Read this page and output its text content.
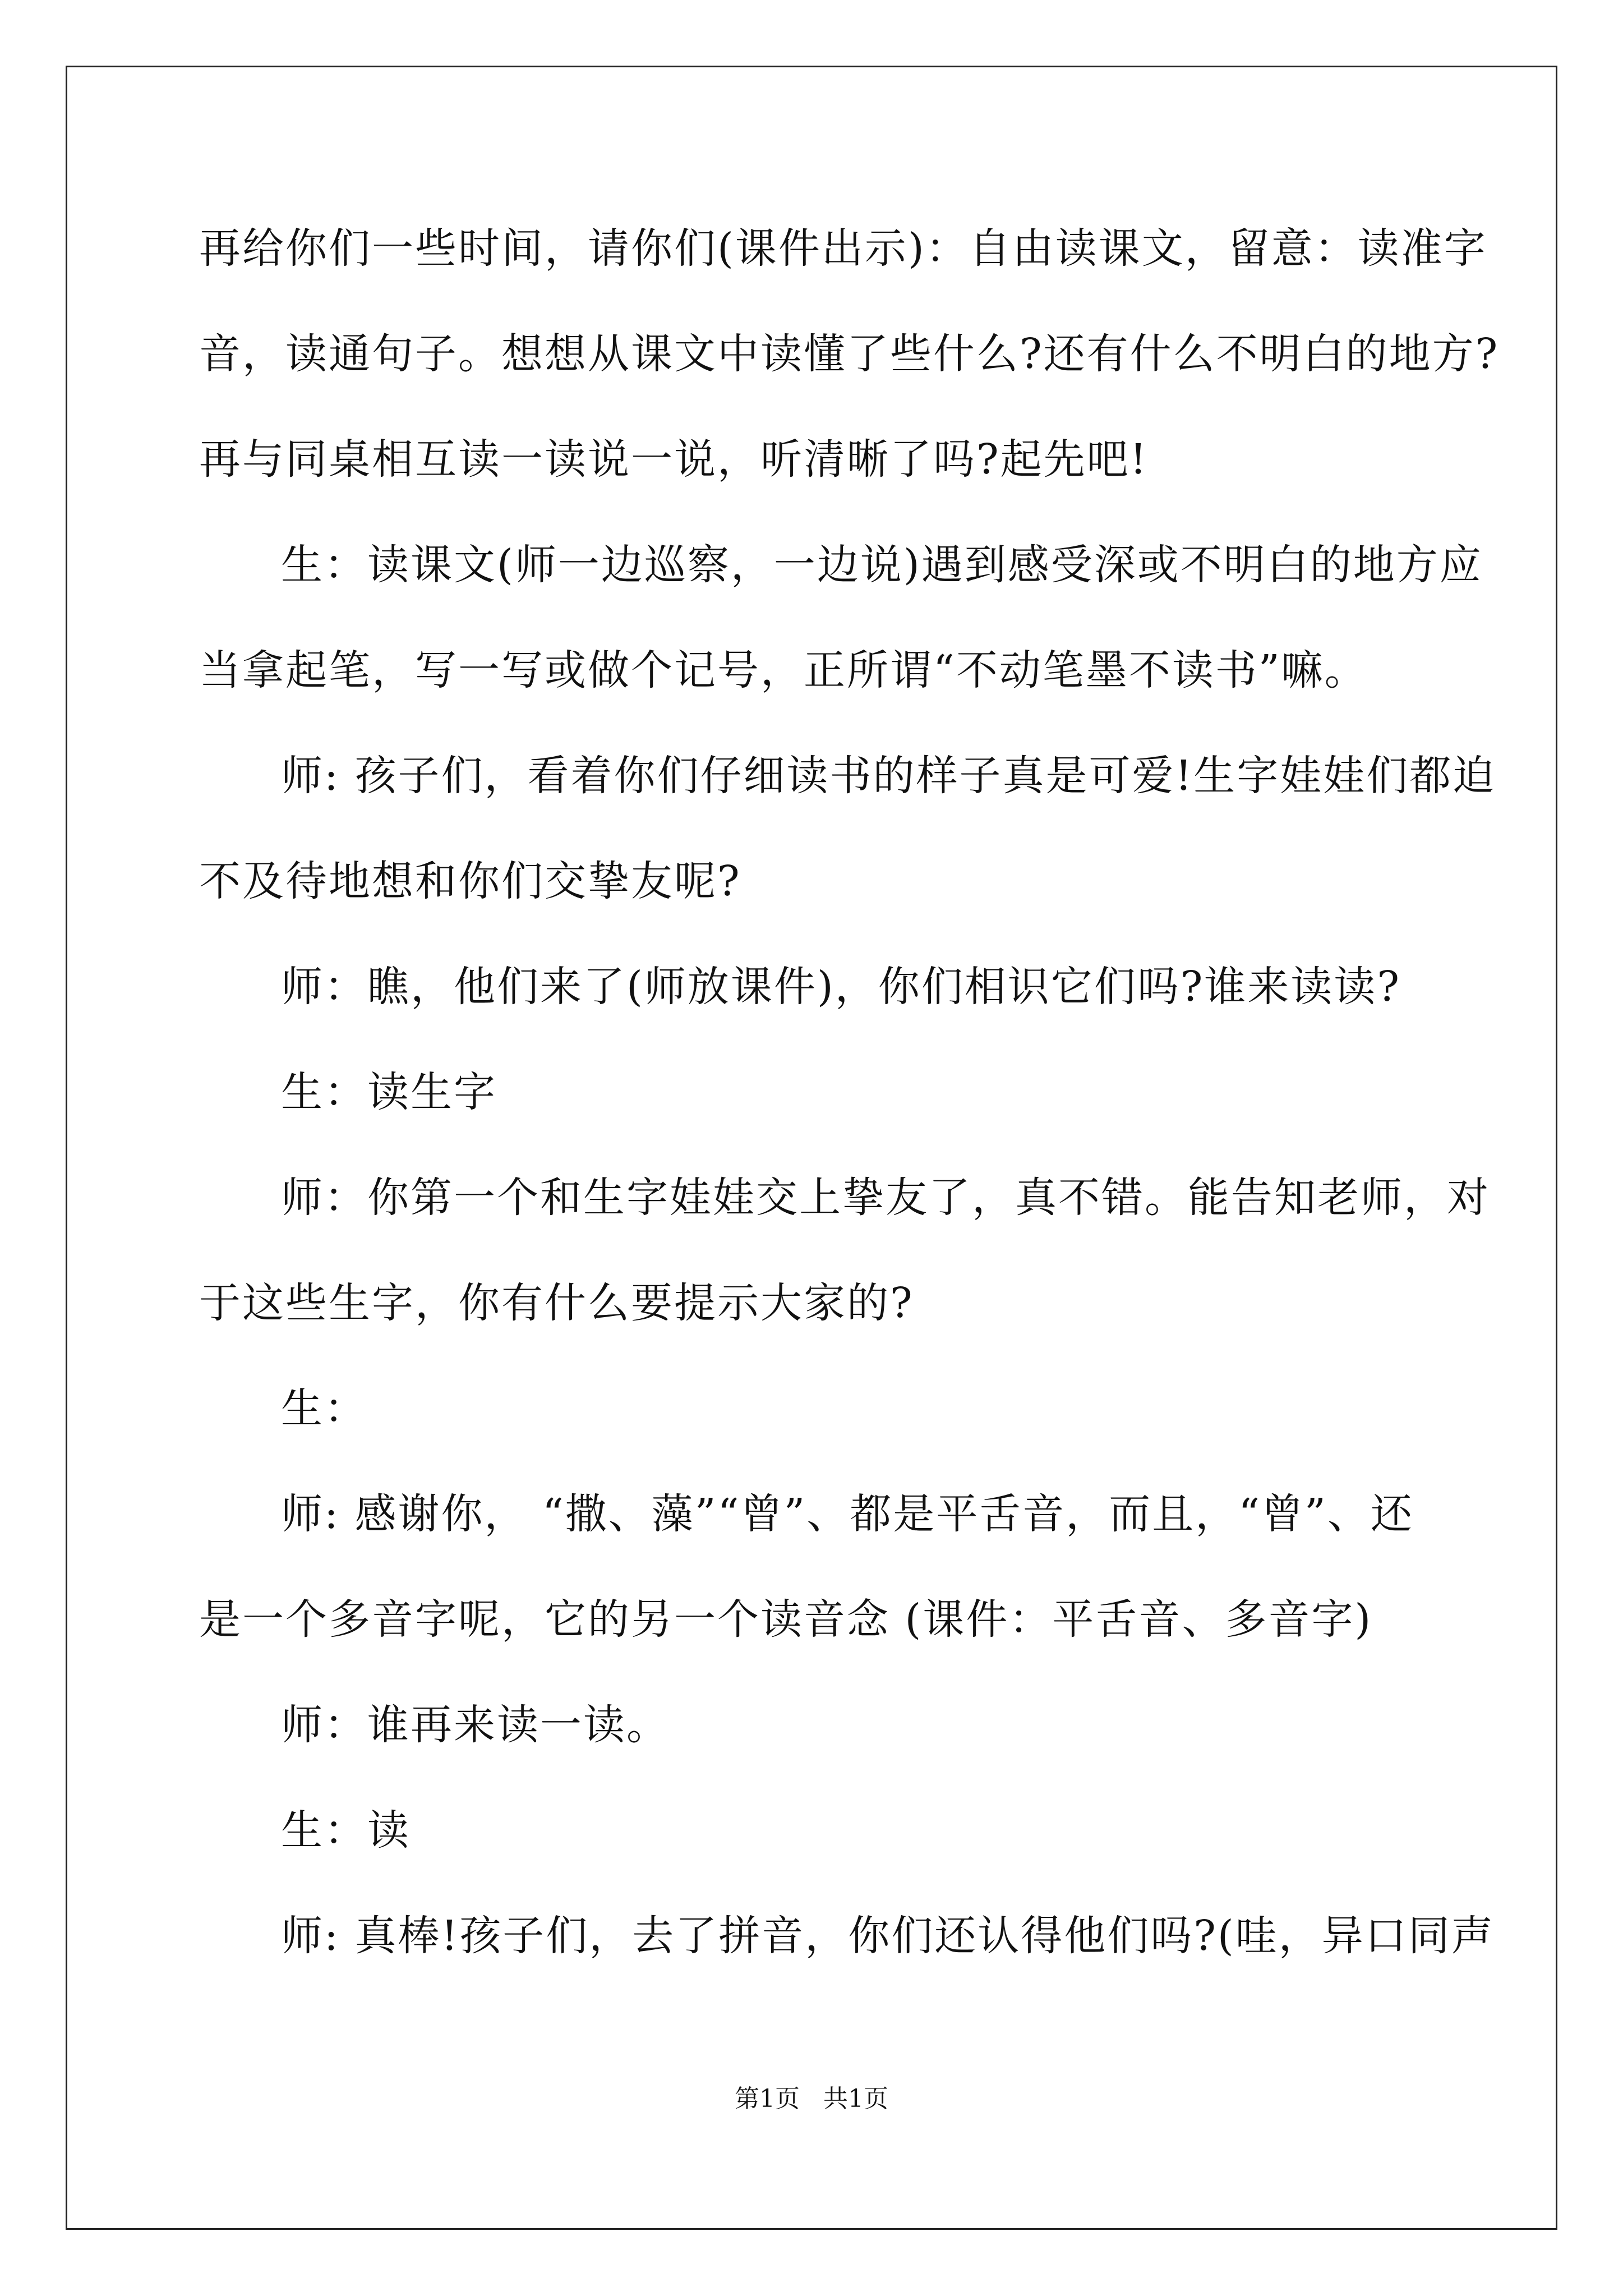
再给你们一些时间，请你们(课件出示)：自由读课文，留意：读准字
音，读通句子。想想从课文中读懂了些什么?还有什么不明白的地方?
再与同桌相互读一读说一说，听清晰了吗?起先吧!
生：读课文(师一边巡察，一边说)遇到感受深或不明白的地方应
当拿起笔，写一写或做个记号，正所谓“不动笔墨不读书”嘛。
师: 孩子们，看着你们仔细读书的样子真是可爱!生字娃娃们都迫
不及待地想和你们交挚友呢?
师：瞧，他们来了(师放课件)，你们相识它们吗?谁来读读?
生：读生字
师：你第一个和生字娃娃交上挚友了，真不错。能告知老师，对
于这些生字，你有什么要提示大家的?
生：
师: 感谢你， “撒、藻”“曾”、都是平舌音，而且，“曾”、还
是一个多音字呢，它的另一个读音念 (课件：平舌音、多音字)
师：谁再来读一读。
生：读
师: 真棒!孩子们，去了拼音，你们还认得他们吗?(哇，异口同声
第1页   共1页
